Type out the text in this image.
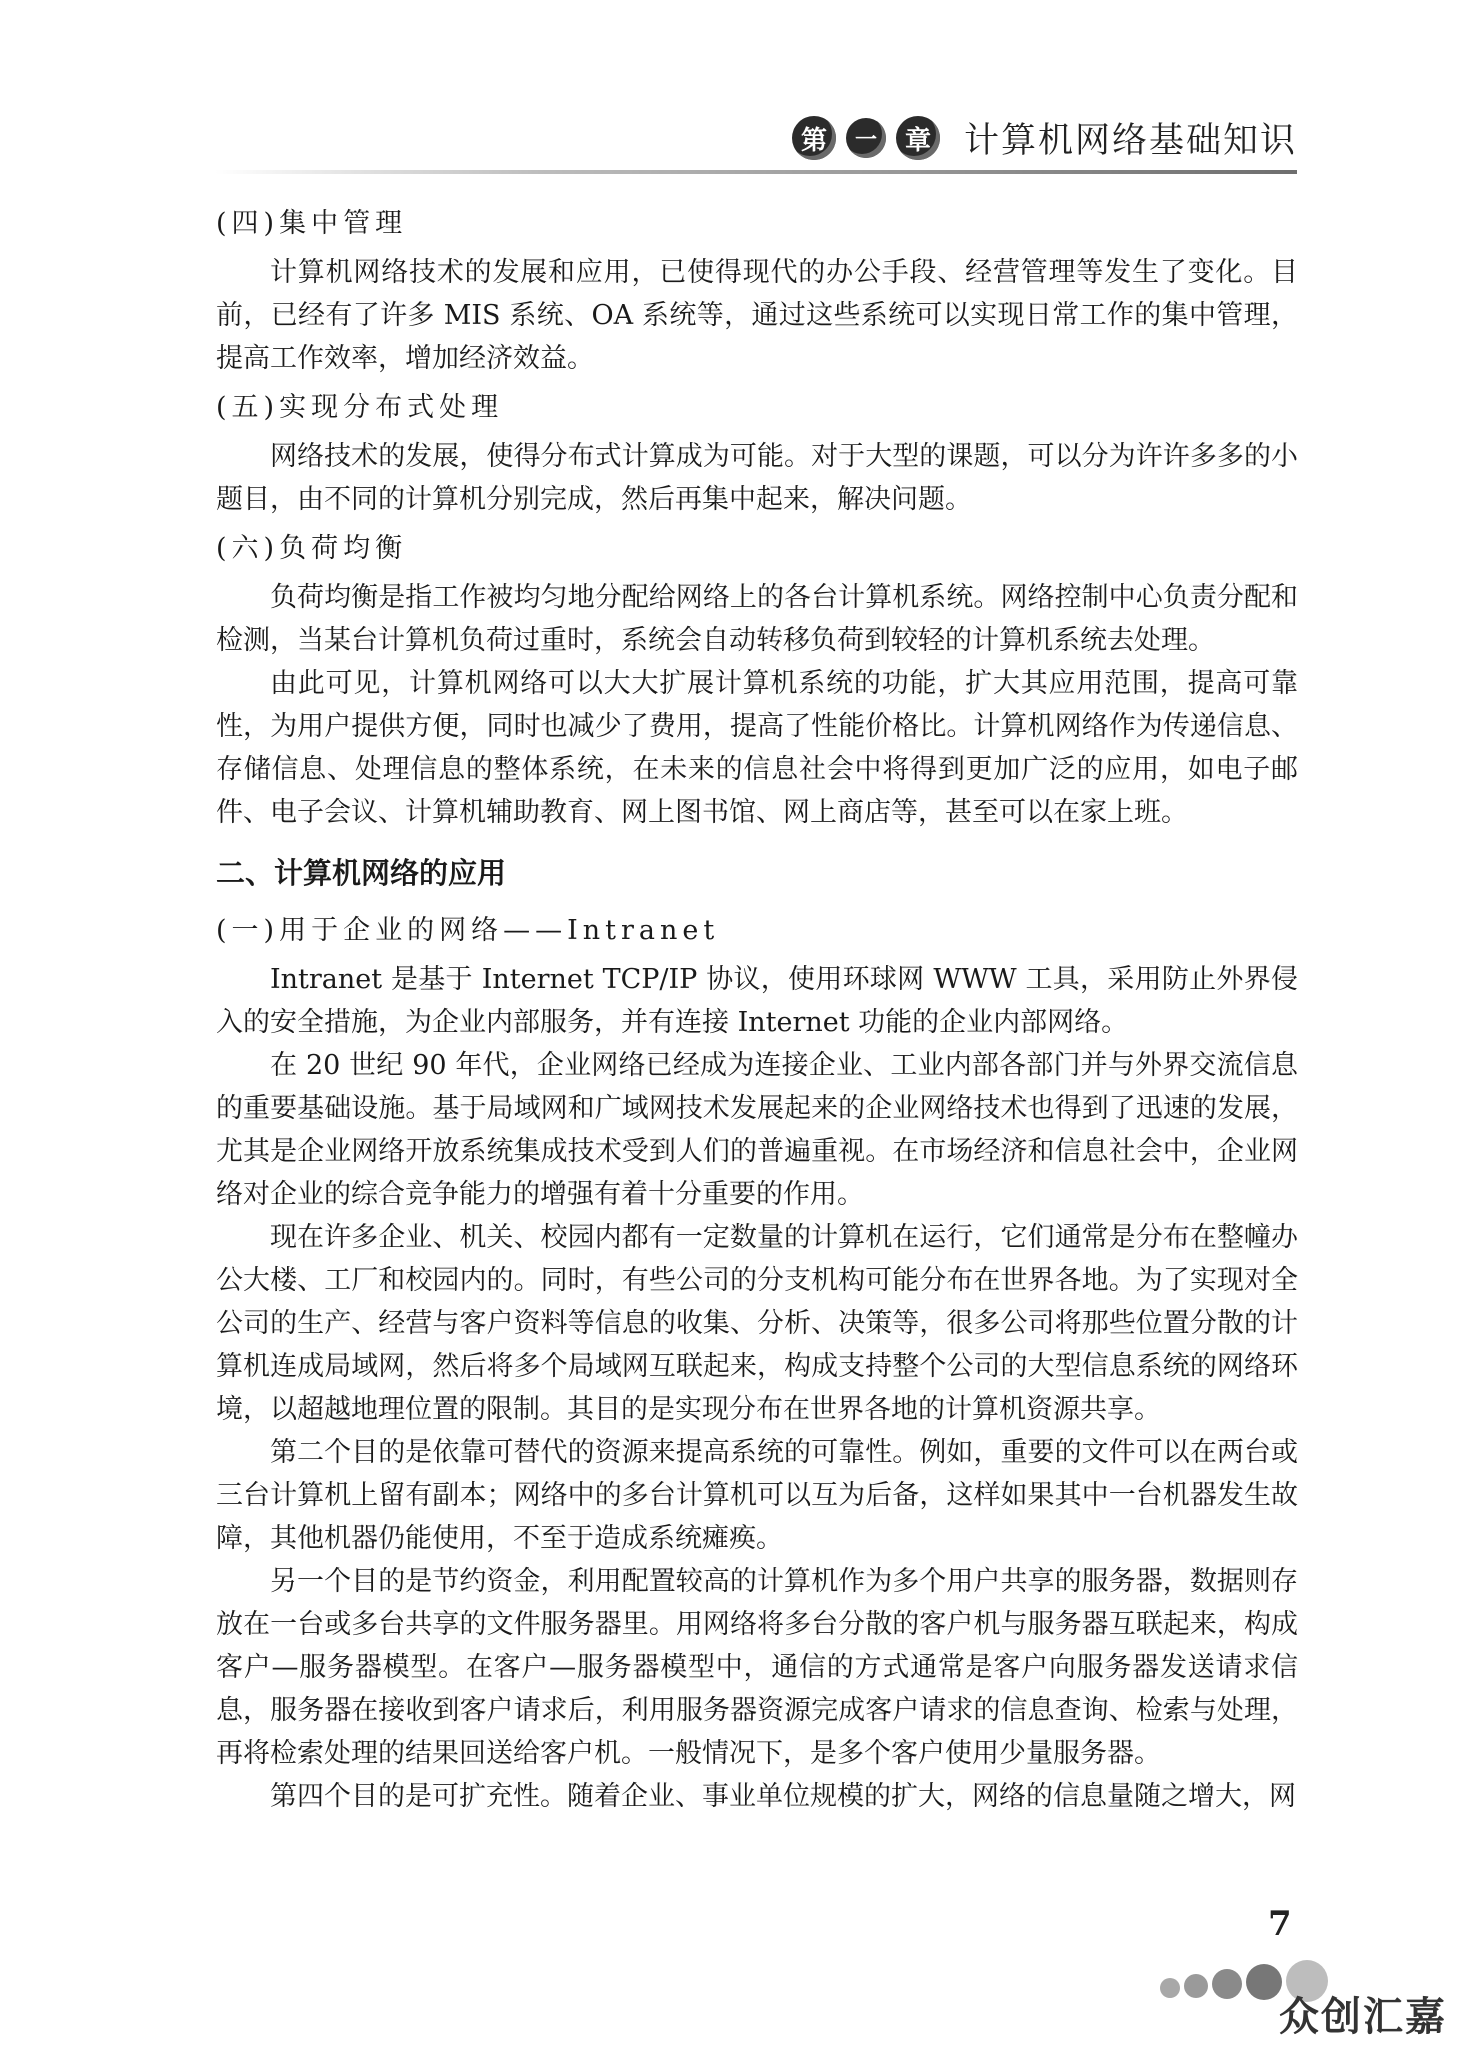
第	一	章 计算机网络基础知识

(四)集中管理

计算机网络技术的发展和应用，已使得现代的办公手段、经营管理等发生了变化。目前，已经有了许多 MIS 系统、OA 系统等，通过这些系统可以实现日常工作的集中管理，提高工作效率，增加经济效益。

(五)实现分布式处理

网络技术的发展，使得分布式计算成为可能。对于大型的课题，可以分为许许多多的小题目，由不同的计算机分别完成，然后再集中起来，解决问题。

(六)负荷均衡

负荷均衡是指工作被均匀地分配给网络上的各台计算机系统。网络控制中心负责分配和检测，当某台计算机负荷过重时，系统会自动转移负荷到较轻的计算机系统去处理。

由此可见，计算机网络可以大大扩展计算机系统的功能，扩大其应用范围，提高可靠性，为用户提供方便，同时也减少了费用，提高了性能价格比。计算机网络作为传递信息、存储信息、处理信息的整体系统，在未来的信息社会中将得到更加广泛的应用，如电子邮件、电子会议、计算机辅助教育、网上图书馆、网上商店等，甚至可以在家上班。

二、计算机网络的应用

(一)用于企业的网络——Intranet

Intranet 是基于 Internet TCP/IP 协议，使用环球网 WWW 工具，采用防止外界侵入的安全措施，为企业内部服务，并有连接 Internet 功能的企业内部网络。

在 20 世纪 90 年代，企业网络已经成为连接企业、工业内部各部门并与外界交流信息的重要基础设施。基于局域网和广域网技术发展起来的企业网络技术也得到了迅速的发展，尤其是企业网络开放系统集成技术受到人们的普遍重视。在市场经济和信息社会中，企业网络对企业的综合竞争能力的增强有着十分重要的作用。

现在许多企业、机关、校园内都有一定数量的计算机在运行，它们通常是分布在整幢办公大楼、工厂和校园内的。同时，有些公司的分支机构可能分布在世界各地。为了实现对全公司的生产、经营与客户资料等信息的收集、分析、决策等，很多公司将那些位置分散的计算机连成局域网，然后将多个局域网互联起来，构成支持整个公司的大型信息系统的网络环境，以超越地理位置的限制。其目的是实现分布在世界各地的计算机资源共享。

第二个目的是依靠可替代的资源来提高系统的可靠性。例如，重要的文件可以在两台或三台计算机上留有副本；网络中的多台计算机可以互为后备，这样如果其中一台机器发生故障，其他机器仍能使用，不至于造成系统瘫痪。

另一个目的是节约资金，利用配置较高的计算机作为多个用户共享的服务器，数据则存放在一台或多台共享的文件服务器里。用网络将多台分散的客户机与服务器互联起来，构成客户—服务器模型。在客户—服务器模型中，通信的方式通常是客户向服务器发送请求信息，服务器在接收到客户请求后，利用服务器资源完成客户请求的信息查询、检索与处理，再将检索处理的结果回送给客户机。一般情况下，是多个客户使用少量服务器。

第四个目的是可扩充性。随着企业、事业单位规模的扩大，网络的信息量随之增大，网

7
众创汇嘉
